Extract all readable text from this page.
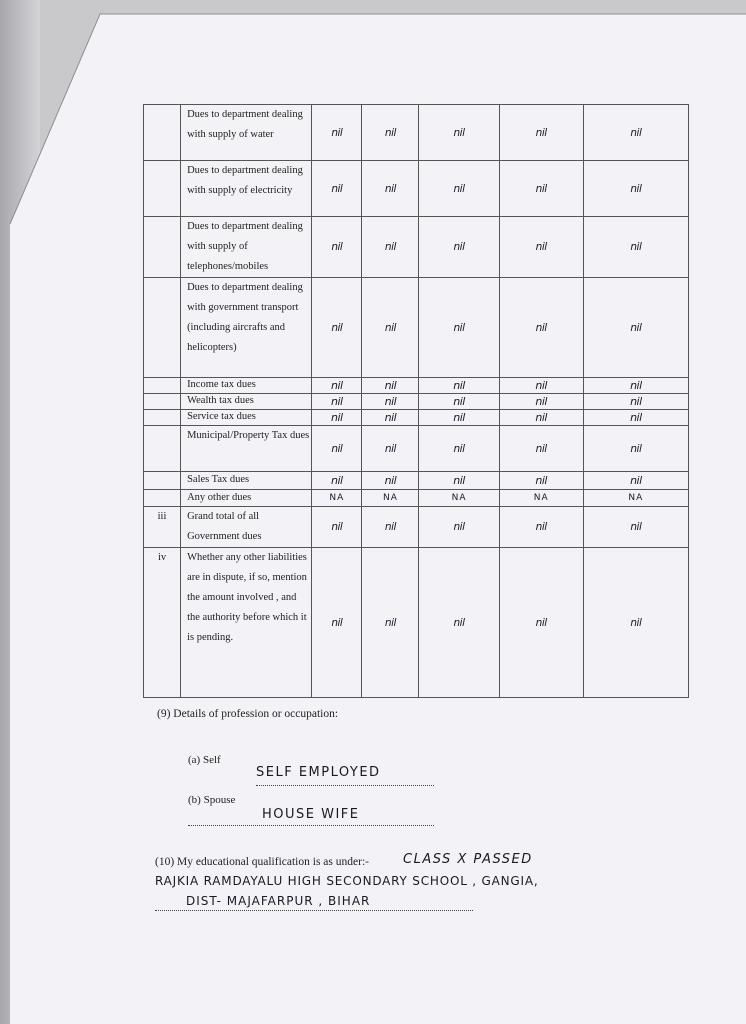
	Dues to department dealing with supply of water	nil	nil	nil	nil	nil
	Dues to department dealing with supply of electricity	nil	nil	nil	nil	nil
	Dues to department dealing with supply of telephones/mobiles	nil	nil	nil	nil	nil
	Dues to department dealing with government transport (including aircrafts and helicopters)	nil	nil	nil	nil	nil
	Income tax dues	nil	nil	nil	nil	nil
	Wealth tax dues	nil	nil	nil	nil	nil
	Service tax dues	nil	nil	nil	nil	nil
	Municipal/Property Tax dues	nil	nil	nil	nil	nil
	Sales Tax dues	nil	nil	nil	nil	nil
	Any other dues	NA	NA	NA	NA	NA
iii	Grand total of all Government dues	nil	nil	nil	nil	nil
iv	Whether any other liabilities are in dispute, if so, mention the amount involved , and the authority before which it is pending.	nil	nil	nil	nil	nil
(9) Details of profession or occupation:
(a) Self
SELF EMPLOYED
(b) Spouse
HOUSE WIFE
(10) My educational qualification is as under:-	CLASS X PASSED
RAJKIA RAMDAYALU HIGH SECONDARY SCHOOL , GANGIA,
DIST- MAJAFARPUR , BIHAR
